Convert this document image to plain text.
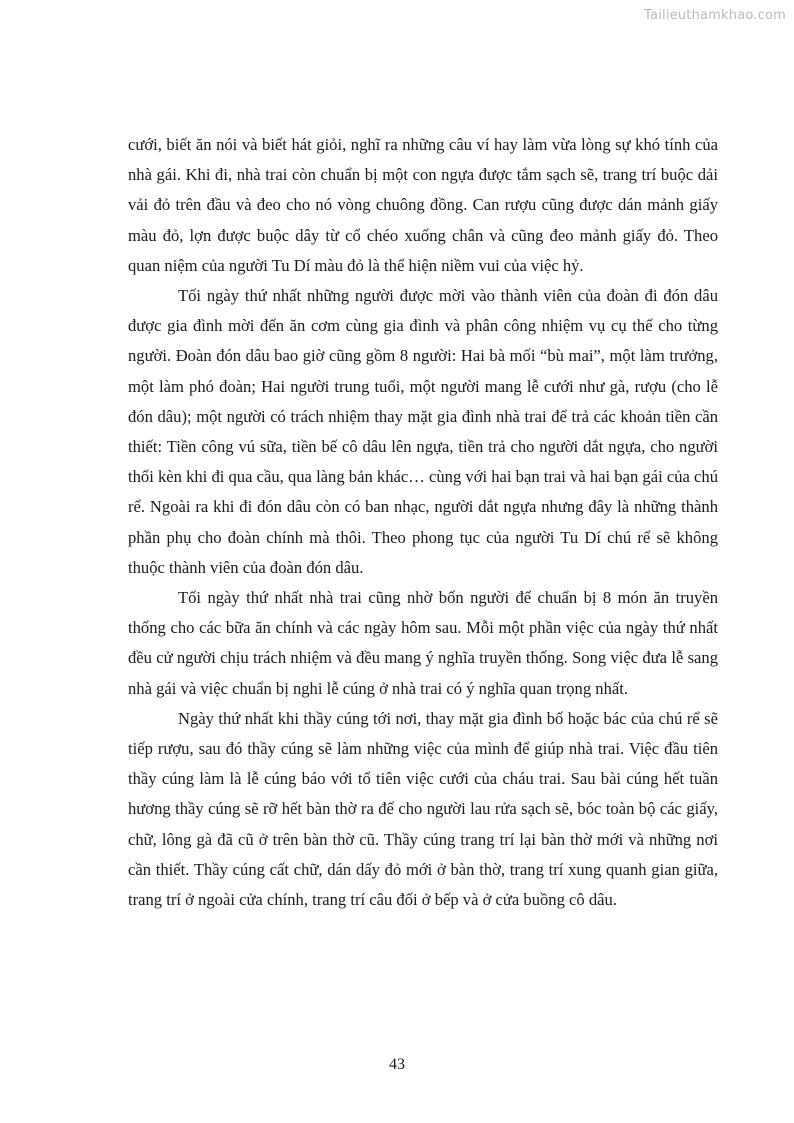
Tailieuthamkhao.com

cưới, biết ăn nói và biết hát giỏi, nghĩ ra những câu ví hay làm vừa lòng sự khó tính của nhà gái. Khi đi, nhà trai còn chuẩn bị một con ngựa được tắm sạch sẽ, trang trí buộc dải vải đỏ trên đầu và đeo cho nó vòng chuông đồng. Can rượu cũng được dán mảnh giấy màu đỏ, lợn được buộc dây từ cổ chéo xuống chân và cũng đeo mảnh giấy đỏ. Theo quan niệm của người Tu Dí màu đỏ là thể hiện niềm vui của việc hỷ.

Tối ngày thứ nhất những người được mời vào thành viên của đoàn đi đón dâu được gia đình mời đến ăn cơm cùng gia đình và phân công nhiệm vụ cụ thể cho từng người. Đoàn đón dâu bao giờ cũng gồm 8 người: Hai bà mối “bù mai”, một làm trưởng, một làm phó đoàn; Hai người trung tuổi, một người mang lễ cưới như gà, rượu (cho lễ đón dâu); một người có trách nhiệm thay mặt gia đình nhà trai để trả các khoản tiền cần thiết: Tiền công vú sữa, tiền bế cô dâu lên ngựa, tiền trả cho người dắt ngựa, cho người thổi kèn khi đi qua cầu, qua làng bản khác… cùng với hai bạn trai và hai bạn gái của chú rể. Ngoài ra khi đi đón dâu còn có ban nhạc, người dắt ngựa nhưng đây là những thành phần phụ cho đoàn chính mà thôi. Theo phong tục của người Tu Dí chú rể sẽ không thuộc thành viên của đoàn đón dâu.

Tối ngày thứ nhất nhà trai cũng nhờ bốn người để chuẩn bị 8 món ăn truyền thống cho các bữa ăn chính và các ngày hôm sau. Mỗi một phần việc của ngày thứ nhất đều cử người chịu trách nhiệm và đều mang ý nghĩa truyền thống. Song việc đưa lễ sang nhà gái và việc chuẩn bị nghi lễ cúng ở nhà trai có ý nghĩa quan trọng nhất.

Ngày thứ nhất khi thầy cúng tới nơi, thay mặt gia đình bố hoặc bác của chú rể sẽ tiếp rượu, sau đó thầy cúng sẽ làm những việc của mình để giúp nhà trai. Việc đầu tiên thầy cúng làm là lễ cúng báo với tổ tiên việc cưới của cháu trai. Sau bài cúng hết tuần hương thầy cúng sẽ rỡ hết bàn thờ ra để cho người lau rửa sạch sẽ, bóc toàn bộ các giấy, chữ, lông gà đã cũ ở trên bàn thờ cũ. Thầy cúng trang trí lại bàn thờ mới và những nơi cần thiết. Thầy cúng cất chữ, dán dấy đỏ mới ở bàn thờ, trang trí xung quanh gian giữa, trang trí ở ngoài cửa chính, trang trí câu đối ở bếp và ở cửa buồng cô dâu.

43
